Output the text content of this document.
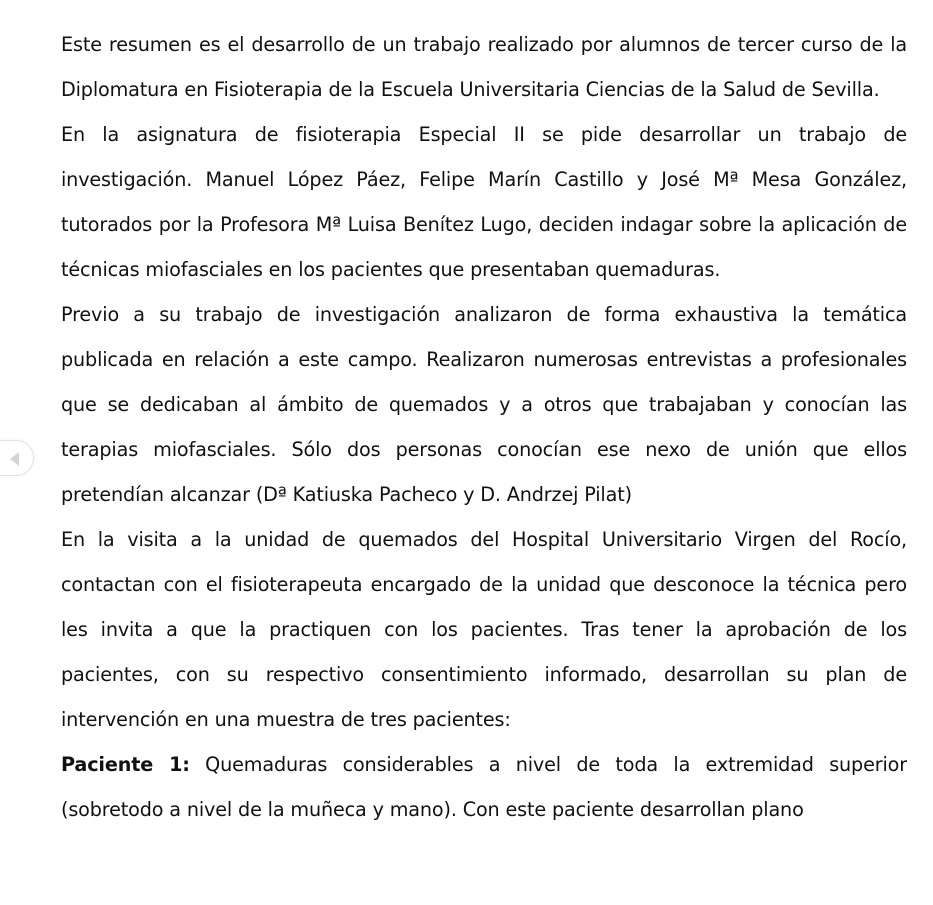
Este resumen es el desarrollo de un trabajo realizado por alumnos de tercer curso de la Diplomatura en Fisioterapia de la Escuela Universitaria Ciencias de la Salud de Sevilla.

En la asignatura de fisioterapia Especial II se pide desarrollar un trabajo de investigación. Manuel López Páez, Felipe Marín Castillo y José Mª Mesa González, tutorados por la Profesora Mª Luisa Benítez Lugo, deciden indagar sobre la aplicación de técnicas miofasciales en los pacientes que presentaban quemaduras.

Previo a su trabajo de investigación analizaron de forma exhaustiva la temática publicada en relación a este campo. Realizaron numerosas entrevistas a profesionales que se dedicaban al ámbito de quemados y a otros que trabajaban y conocían las terapias miofasciales. Sólo dos personas conocían ese nexo de unión que ellos pretendían alcanzar (Dª Katiuska Pacheco y D. Andrzej Pilat)

En la visita a la unidad de quemados del Hospital Universitario Virgen del Rocío, contactan con el fisioterapeuta encargado de la unidad que desconoce la técnica pero les invita a que la practiquen con los pacientes. Tras tener la aprobación de los pacientes, con su respectivo consentimiento informado, desarrollan su plan de intervención en una muestra de tres pacientes:

Paciente 1: Quemaduras considerables a nivel de toda la extremidad superior (sobretodo a nivel de la muñeca y mano). Con este paciente desarrollan plano
